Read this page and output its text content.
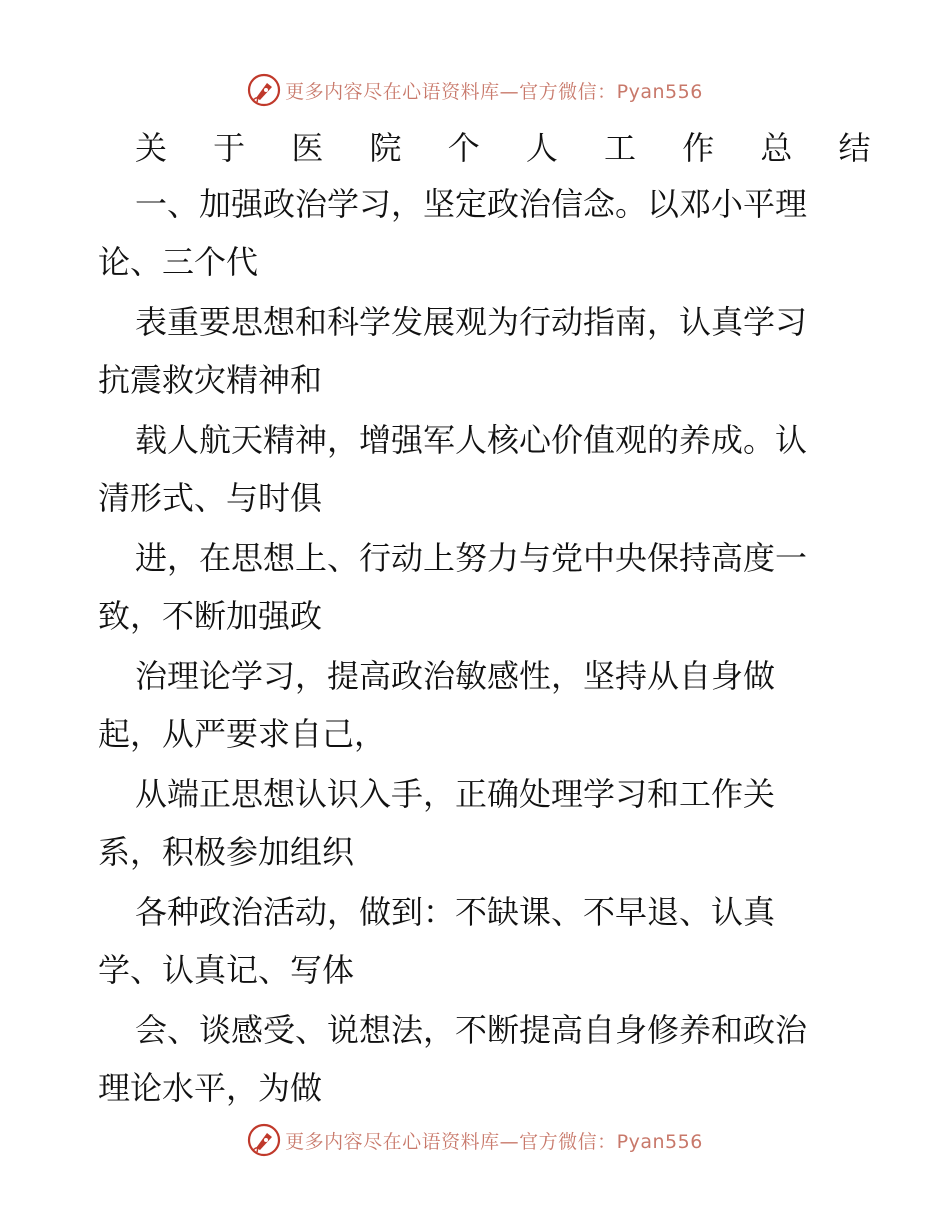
更多内容尽在心语资料库—官方微信：Pyan556
关 于 医 院 个 人 工 作 总 结
一、加强政治学习，坚定政治信念。以邓小平理
论、三个代
表重要思想和科学发展观为行动指南，认真学习
抗震救灾精神和
载人航天精神，增强军人核心价值观的养成。认
清形式、与时俱
进，在思想上、行动上努力与党中央保持高度一
致，不断加强政
治理论学习，提高政治敏感性，坚持从自身做
起，从严要求自己，
从端正思想认识入手，正确处理学习和工作关
系，积极参加组织
各种政治活动，做到：不缺课、不早退、认真
学、认真记、写体
会、谈感受、说想法，不断提高自身修养和政治
理论水平，为做
更多内容尽在心语资料库—官方微信：Pyan556
